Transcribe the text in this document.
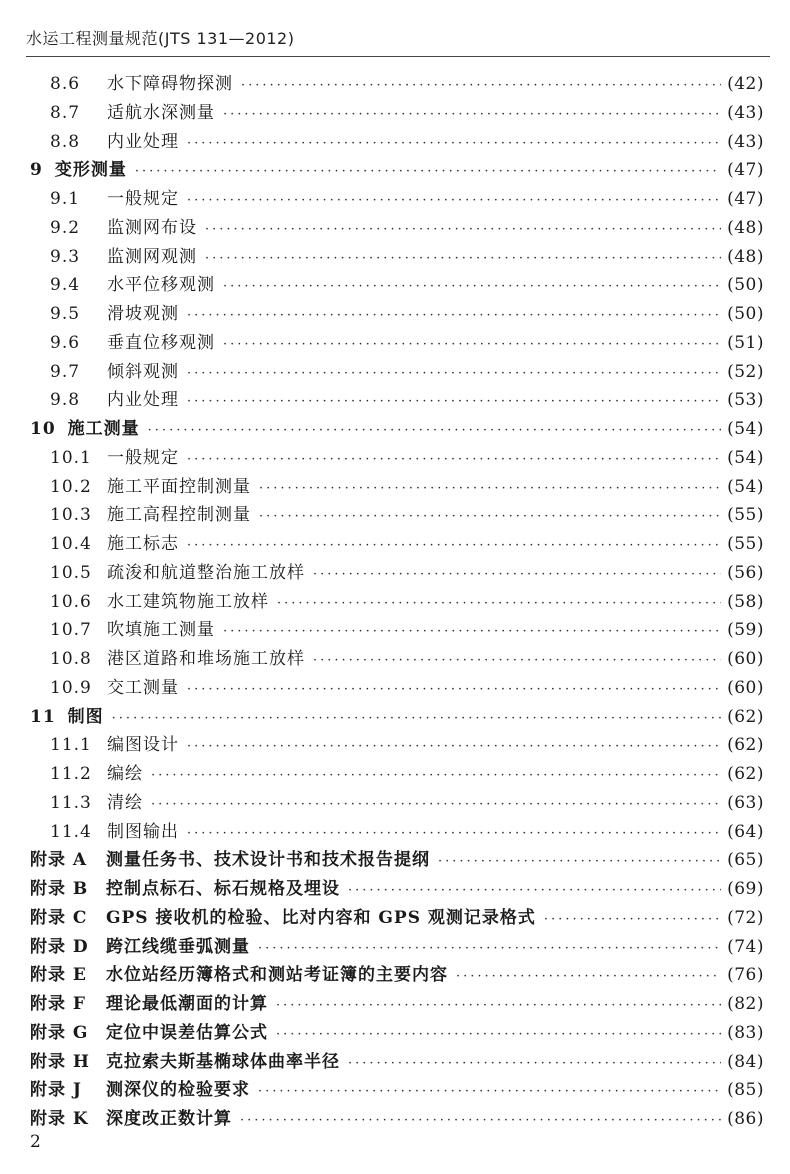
水运工程测量规范(JTS 131—2012)
8.6	水下障碍物探测 ·····	(42)
8.7	适航水深测量 ·····	(43)
8.8	内业处理 ·····	(43)
9 变形测量 ·····	(47)
9.1	一般规定 ·····	(47)
9.2	监测网布设 ·····	(48)
9.3	监测网观测 ·····	(48)
9.4	水平位移观测 ·····	(50)
9.5	滑坡观测 ·····	(50)
9.6	垂直位移观测 ·····	(51)
9.7	倾斜观测 ·····	(52)
9.8	内业处理 ·····	(53)
10 施工测量 ·····	(54)
10.1 一般规定 ·····	(54)
10.2 施工平面控制测量 ·····	(54)
10.3 施工高程控制测量 ·····	(55)
10.4 施工标志 ·····	(55)
10.5 疏浚和航道整治施工放样 ·····	(56)
10.6 水工建筑物施工放样 ·····	(58)
10.7 吹填施工测量 ·····	(59)
10.8 港区道路和堆场施工放样 ·····	(60)
10.9 交工测量 ·····	(60)
11 制图 ·····	(62)
11.1 编图设计 ·····	(62)
11.2 编绘 ·····	(62)
11.3 清绘 ·····	(63)
11.4 制图输出 ·····	(64)
附录 A	测量任务书、技术设计书和技术报告提纲 ·····	(65)
附录 B	控制点标石、标石规格及埋设 ·····	(69)
附录 C	GPS 接收机的检验、比对内容和 GPS 观测记录格式 ·····	(72)
附录 D	跨江线缆垂弧测量 ·····	(74)
附录 E	水位站经历簿格式和测站考证簿的主要内容 ·····	(76)
附录 F	理论最低潮面的计算 ·····	(82)
附录 G	定位中误差估算公式 ·····	(83)
附录 H 克拉索夫斯基椭球体曲率半径 ·····	(84)
附录 J	测深仪的检验要求 ·····	(85)
附录 K	深度改正数计算 ·····	(86)
2
